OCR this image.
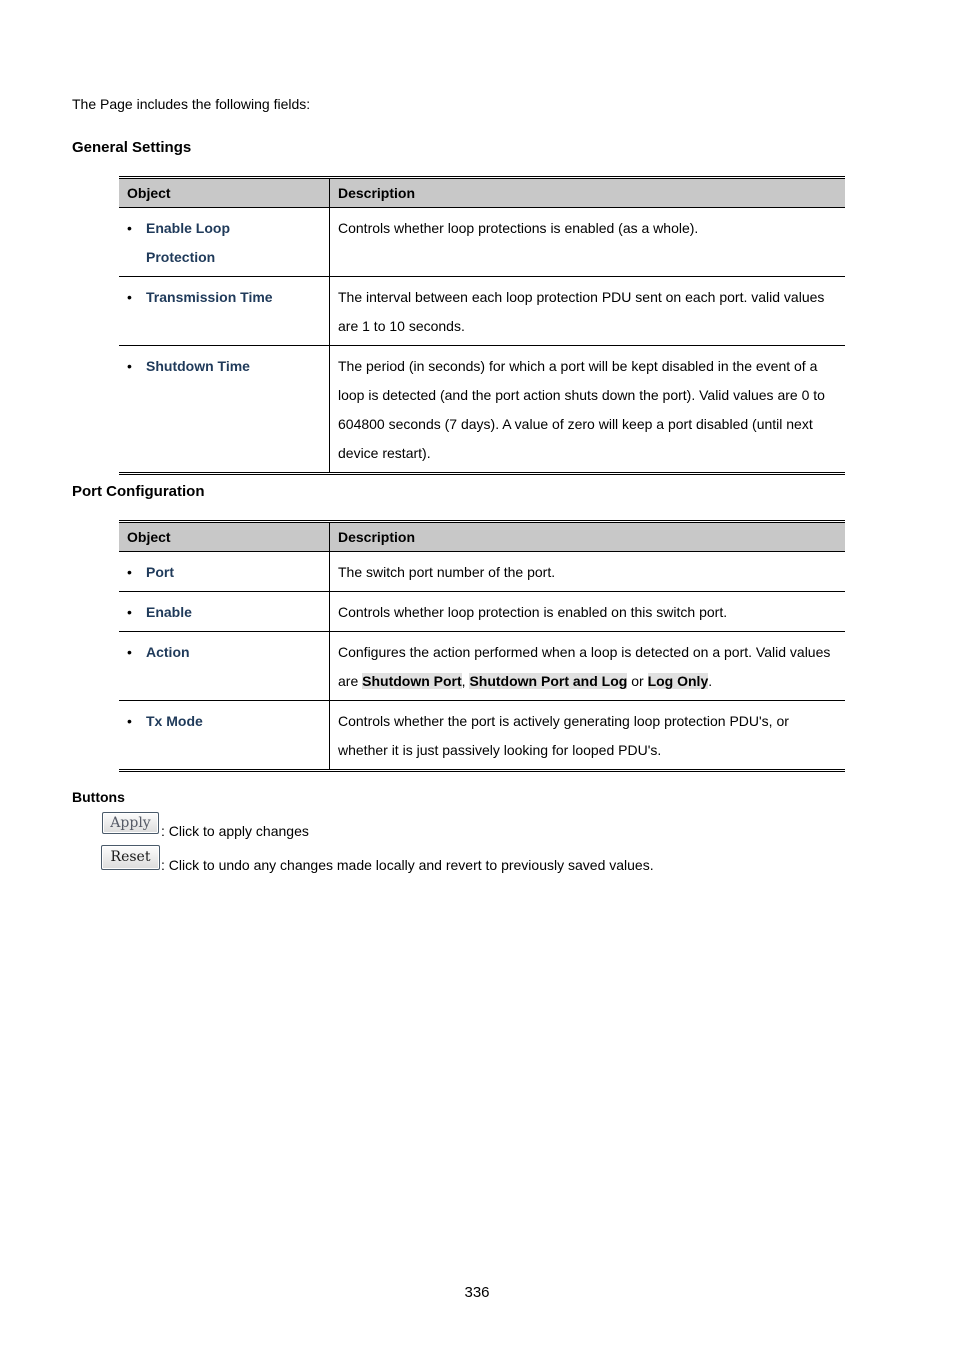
The Page includes the following fields:
General Settings
Object	Description

• Enable Loop Protection	Controls whether loop protections is enabled (as a whole).

• Transmission Time	The interval between each loop protection PDU sent on each port. valid values are 1 to 10 seconds.

• Shutdown Time	The period (in seconds) for which a port will be kept disabled in the event of a loop is detected (and the port action shuts down the port). Valid values are 0 to 604800 seconds (7 days). A value of zero will keep a port disabled (until next device restart).
Port Configuration
Object	Description

• Port	The switch port number of the port.

• Enable	Controls whether loop protection is enabled on this switch port.

• Action	Configures the action performed when a loop is detected on a port. Valid values are Shutdown Port, Shutdown Port and Log or Log Only.

• Tx Mode	Controls whether the port is actively generating loop protection PDU's, or whether it is just passively looking for looped PDU's.
Buttons
Apply : Click to apply changes
Reset : Click to undo any changes made locally and revert to previously saved values.
336
